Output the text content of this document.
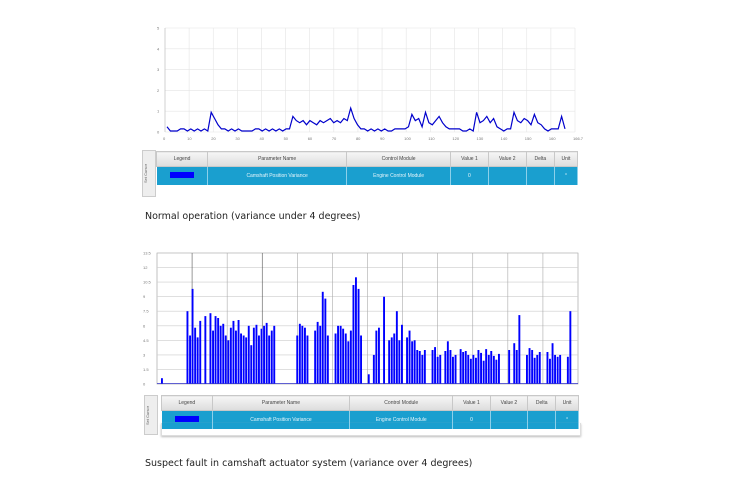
0
1
2
3
4
5
0	10	20	30	40	50	60	70	80	90	100	110	120	130	140	150	160	166.7
Set Cursor
Legend	Parameter Name	Control Module	Value 1	Value 2	Delta	Unit
	Camshaft Position Variance	Engine Control Module	0			°
Normal operation (variance under 4 degrees)
0
1.5
3
4.5
6
7.5
9
10.5
12
13.5
Set Cursor
Legend	Parameter Name	Control Module	Value 1	Value 2	Delta	Unit
	Camshaft Position Variance	Engine Control Module	0			°
Suspect fault in camshaft actuator system (variance over 4 degrees)
